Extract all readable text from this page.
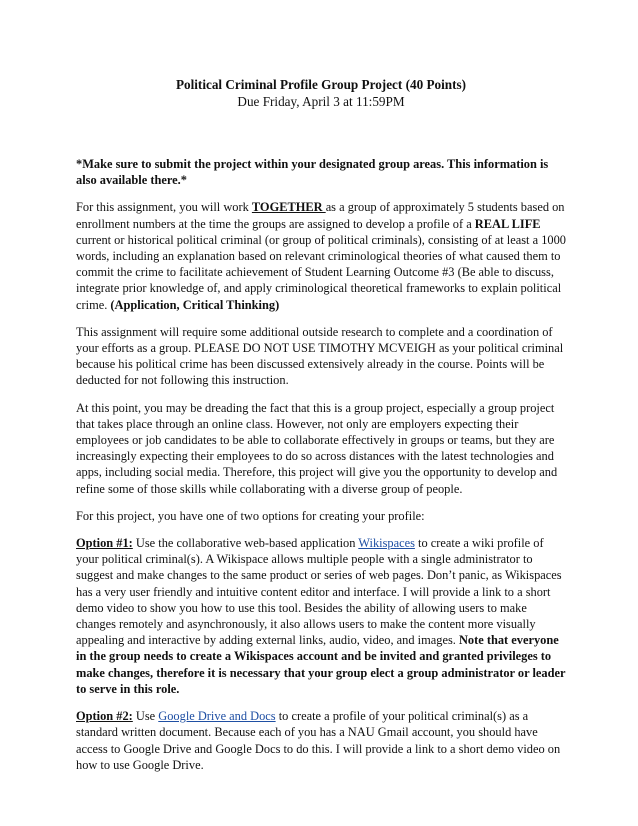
Political Criminal Profile Group Project (40 Points)
Due Friday, April 3 at 11:59PM

*Make sure to submit the project within your designated group areas. This information is also available there.*

For this assignment, you will work TOGETHER as a group of approximately 5 students based on enrollment numbers at the time the groups are assigned to develop a profile of a REAL LIFE current or historical political criminal (or group of political criminals), consisting of at least a 1000 words, including an explanation based on relevant criminological theories of what caused them to commit the crime to facilitate achievement of Student Learning Outcome #3 (Be able to discuss, integrate prior knowledge of, and apply criminological theoretical frameworks to explain political crime. (Application, Critical Thinking)

This assignment will require some additional outside research to complete and a coordination of your efforts as a group. PLEASE DO NOT USE TIMOTHY MCVEIGH as your political criminal because his political crime has been discussed extensively already in the course. Points will be deducted for not following this instruction.

At this point, you may be dreading the fact that this is a group project, especially a group project that takes place through an online class. However, not only are employers expecting their employees or job candidates to be able to collaborate effectively in groups or teams, but they are increasingly expecting their employees to do so across distances with the latest technologies and apps, including social media. Therefore, this project will give you the opportunity to develop and refine some of those skills while collaborating with a diverse group of people.

For this project, you have one of two options for creating your profile:

Option #1: Use the collaborative web-based application Wikispaces to create a wiki profile of your political criminal(s). A Wikispace allows multiple people with a single administrator to suggest and make changes to the same product or series of web pages. Don’t panic, as Wikispaces has a very user friendly and intuitive content editor and interface. I will provide a link to a short demo video to show you how to use this tool. Besides the ability of allowing users to make changes remotely and asynchronously, it also allows users to make the content more visually appealing and interactive by adding external links, audio, video, and images. Note that everyone in the group needs to create a Wikispaces account and be invited and granted privileges to make changes, therefore it is necessary that your group elect a group administrator or leader to serve in this role.

Option #2: Use Google Drive and Docs to create a profile of your political criminal(s) as a standard written document. Because each of you has a NAU Gmail account, you should have access to Google Drive and Google Docs to do this. I will provide a link to a short demo video on how to use Google Drive.
